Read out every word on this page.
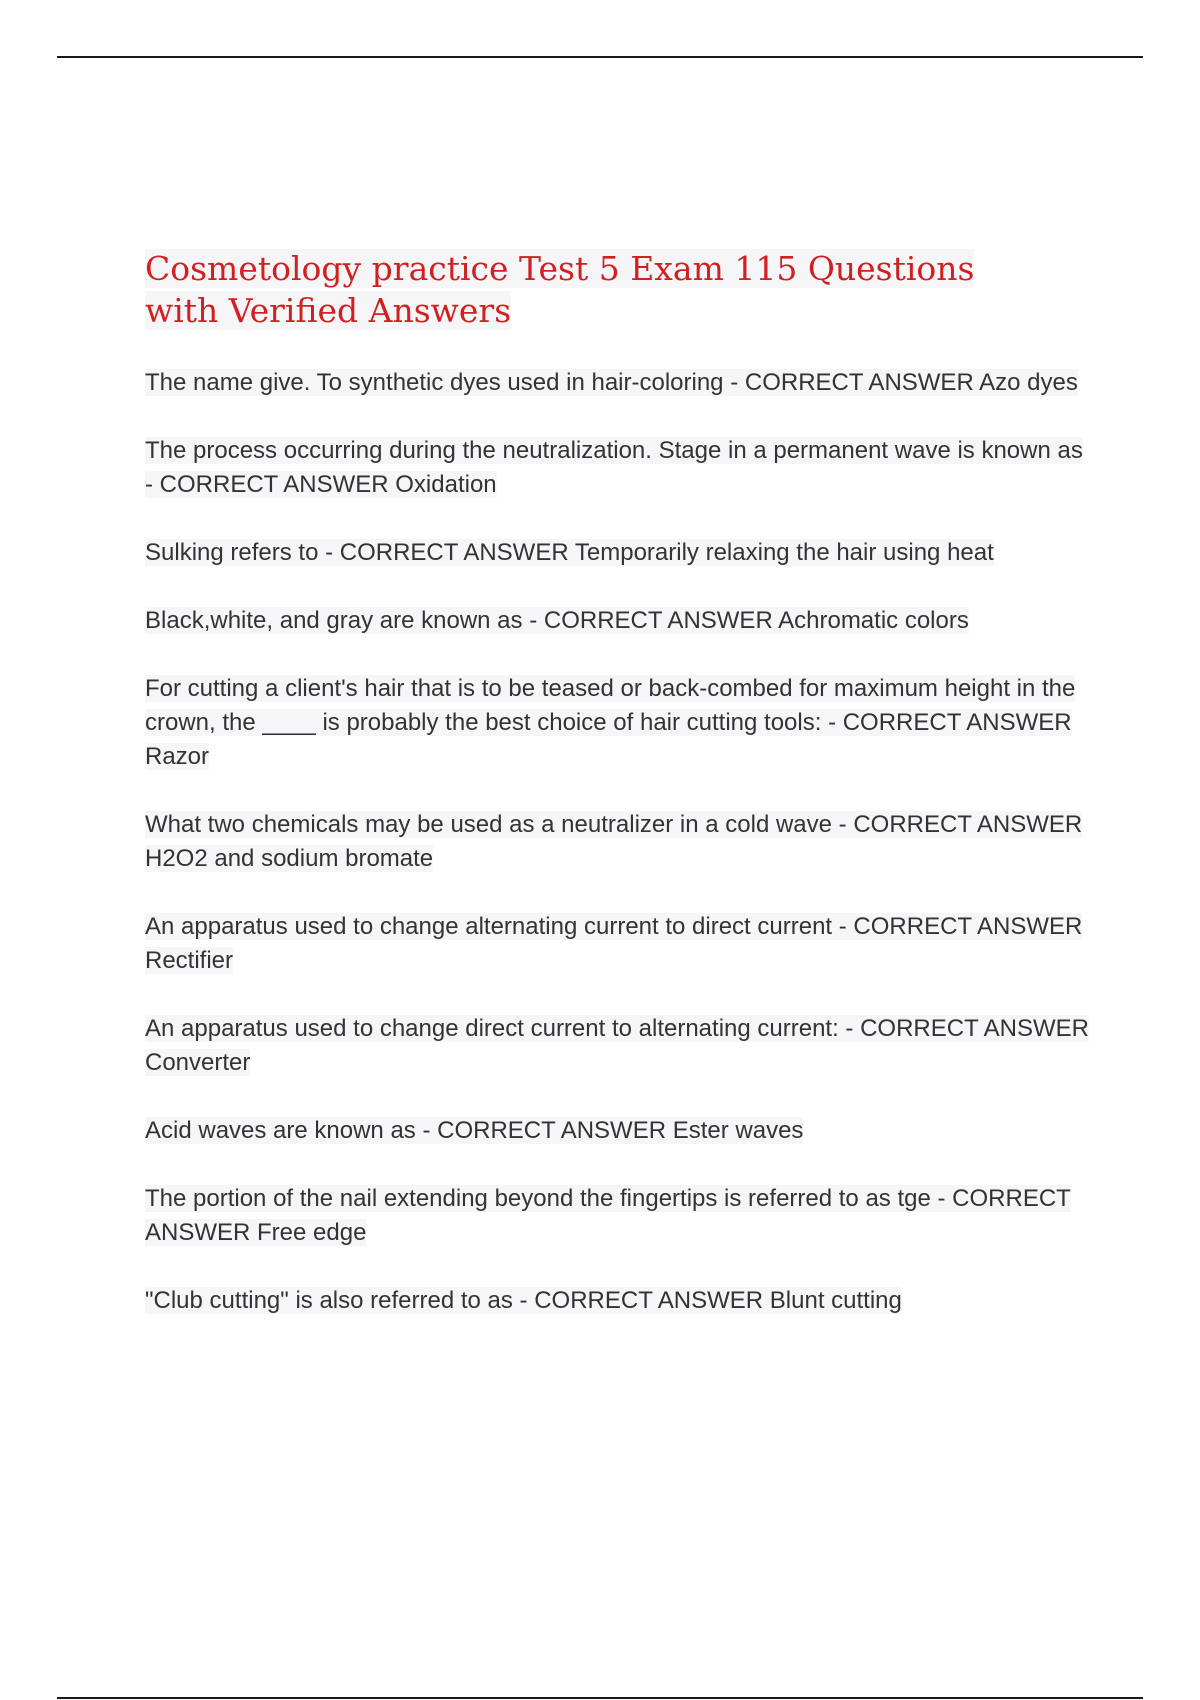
Cosmetology practice Test 5 Exam 115 Questions with Verified Answers

The name give. To synthetic dyes used in hair-coloring - CORRECT ANSWER Azo dyes

The process occurring during the neutralization. Stage in a permanent wave is known as - CORRECT ANSWER Oxidation

Sulking refers to - CORRECT ANSWER Temporarily relaxing the hair using heat

Black,white, and gray are known as - CORRECT ANSWER Achromatic colors

For cutting a client's hair that is to be teased or back-combed for maximum height in the crown, the ____ is probably the best choice of hair cutting tools: - CORRECT ANSWER Razor

What two chemicals may be used as a neutralizer in a cold wave - CORRECT ANSWER H2O2 and sodium bromate

An apparatus used to change alternating current to direct current - CORRECT ANSWER Rectifier

An apparatus used to change direct current to alternating current: - CORRECT ANSWER Converter

Acid waves are known as - CORRECT ANSWER Ester waves

The portion of the nail extending beyond the fingertips is referred to as tge - CORRECT ANSWER Free edge

"Club cutting" is also referred to as - CORRECT ANSWER Blunt cutting
